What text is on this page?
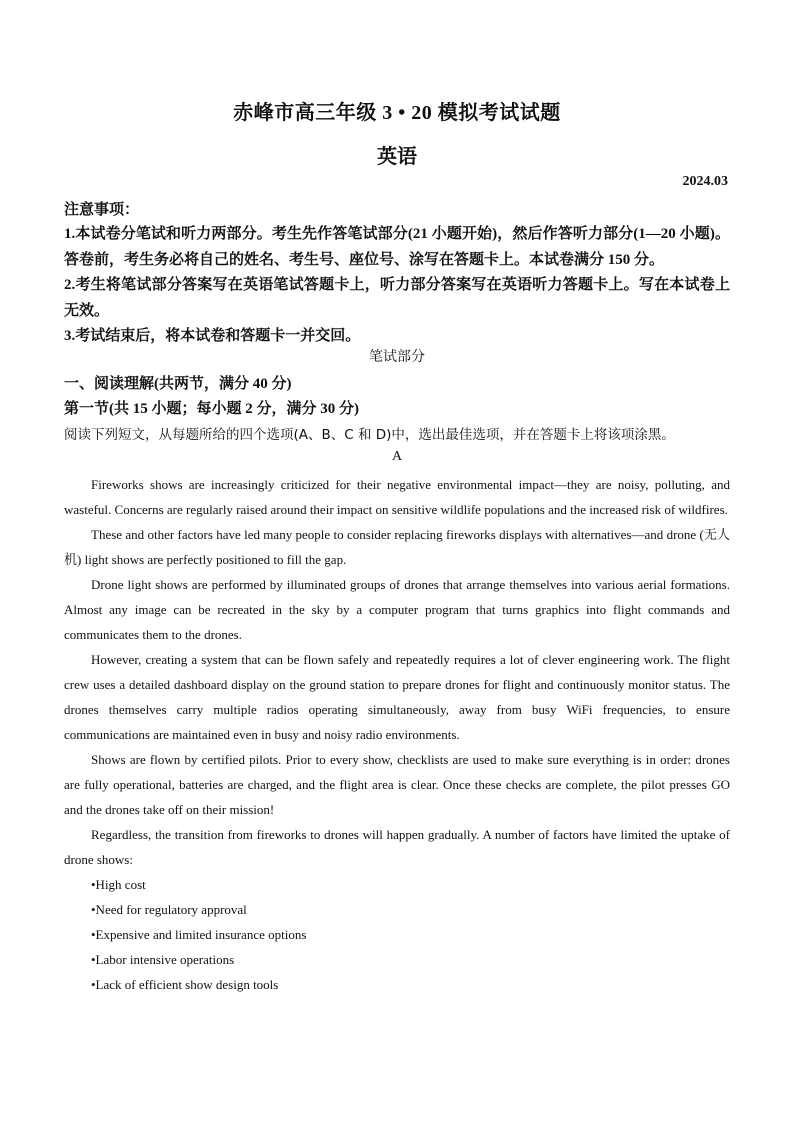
赤峰市高三年级 3 • 20 模拟考试试题
英语
2024.03
注意事项：

1.本试卷分笔试和听力两部分。考生先作答笔试部分(21 小题开始)，然后作答听力部分(1—20 小题)。答卷前，考生务必将自己的姓名、考生号、座位号、涂写在答题卡上。本试卷满分 150 分。

2.考生将笔试部分答案写在英语笔试答题卡上，听力部分答案写在英语听力答题卡上。写在本试卷上无效。

3.考试结束后，将本试卷和答题卡一并交回。

笔试部分
一、阅读理解(共两节，满分 40 分)
第一节(共 15 小题；每小题 2 分，满分 30 分)
阅读下列短文，从每题所给的四个选项(A、B、C 和 D)中，选出最佳选项，并在答题卡上将该项涂黑。
A

Fireworks shows are increasingly criticized for their negative environmental impact—they are noisy, polluting, and wasteful. Concerns are regularly raised around their impact on sensitive wildlife populations and the increased risk of wildfires.

These and other factors have led many people to consider replacing fireworks displays with alternatives—and drone (无人机) light shows are perfectly positioned to fill the gap.

Drone light shows are performed by illuminated groups of drones that arrange themselves into various aerial formations. Almost any image can be recreated in the sky by a computer program that turns graphics into flight commands and communicates them to the drones.

However, creating a system that can be flown safely and repeatedly requires a lot of clever engineering work. The flight crew uses a detailed dashboard display on the ground station to prepare drones for flight and continuously monitor status. The drones themselves carry multiple radios operating simultaneously, away from busy WiFi frequencies, to ensure communications are maintained even in busy and noisy radio environments.

Shows are flown by certified pilots. Prior to every show, checklists are used to make sure everything is in order: drones are fully operational, batteries are charged, and the flight area is clear. Once these checks are complete, the pilot presses GO and the drones take off on their mission!

Regardless, the transition from fireworks to drones will happen gradually. A number of factors have limited the uptake of drone shows:

•High cost
•Need for regulatory approval
•Expensive and limited insurance options
•Labor intensive operations
•Lack of efficient show design tools
